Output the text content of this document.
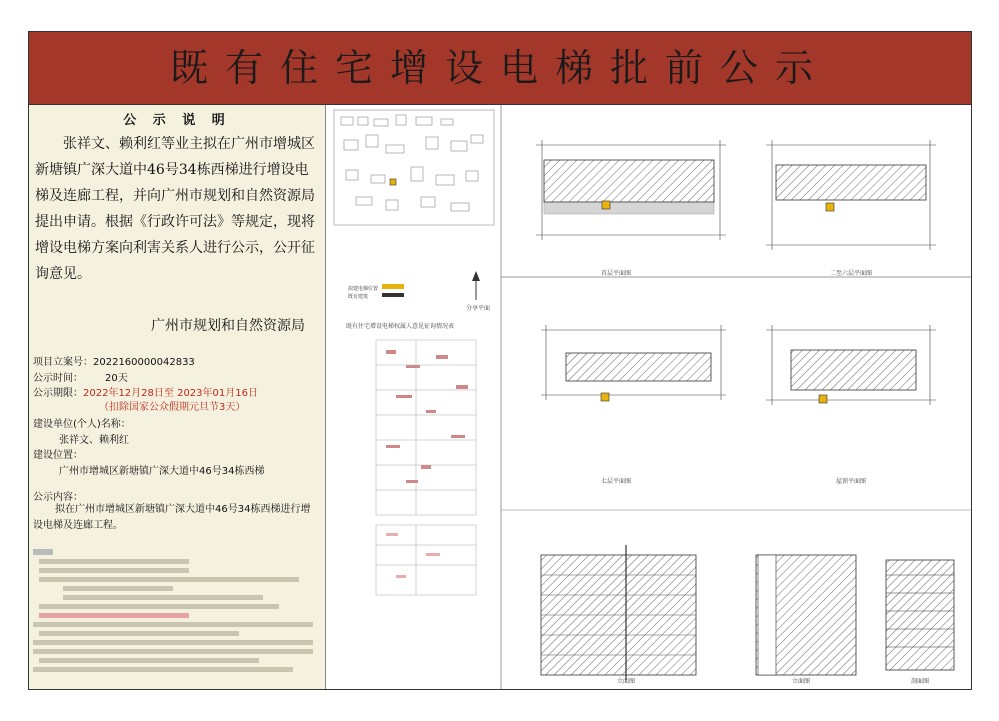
既有住宅增设电梯批前公示
公 示 说 明

张祥文、赖利红等业主拟在广州市增城区新塘镇广深大道中46号34栋西梯进行增设电梯及连廊工程，并向广州市规划和自然资源局提出申请。根据《行政许可法》等规定，现将增设电梯方案向利害关系人进行公示，公开征询意见。

广州市规划和自然资源局
项目立案号：2022160000042833
公示时间： 20天
公示期限：2022年12月28日至 2023年01月16日
（扣除国家公众假期元旦节3天）
建设单位(个人)名称：
张祥文、赖利红
建设位置：
广州市增城区新塘镇广深大道中46号34栋西梯
公示内容：
拟在广州市增城区新塘镇广深大道中46号34栋西梯进行增设电梯及连廊工程。
拟建电梯位置
既有建筑
分享平面
既有住宅增设电梯权属人意见征询情况表
首层平面图	二至六层平面图
七层平面图	屋顶平面图
立面图	立面图	剖面图
